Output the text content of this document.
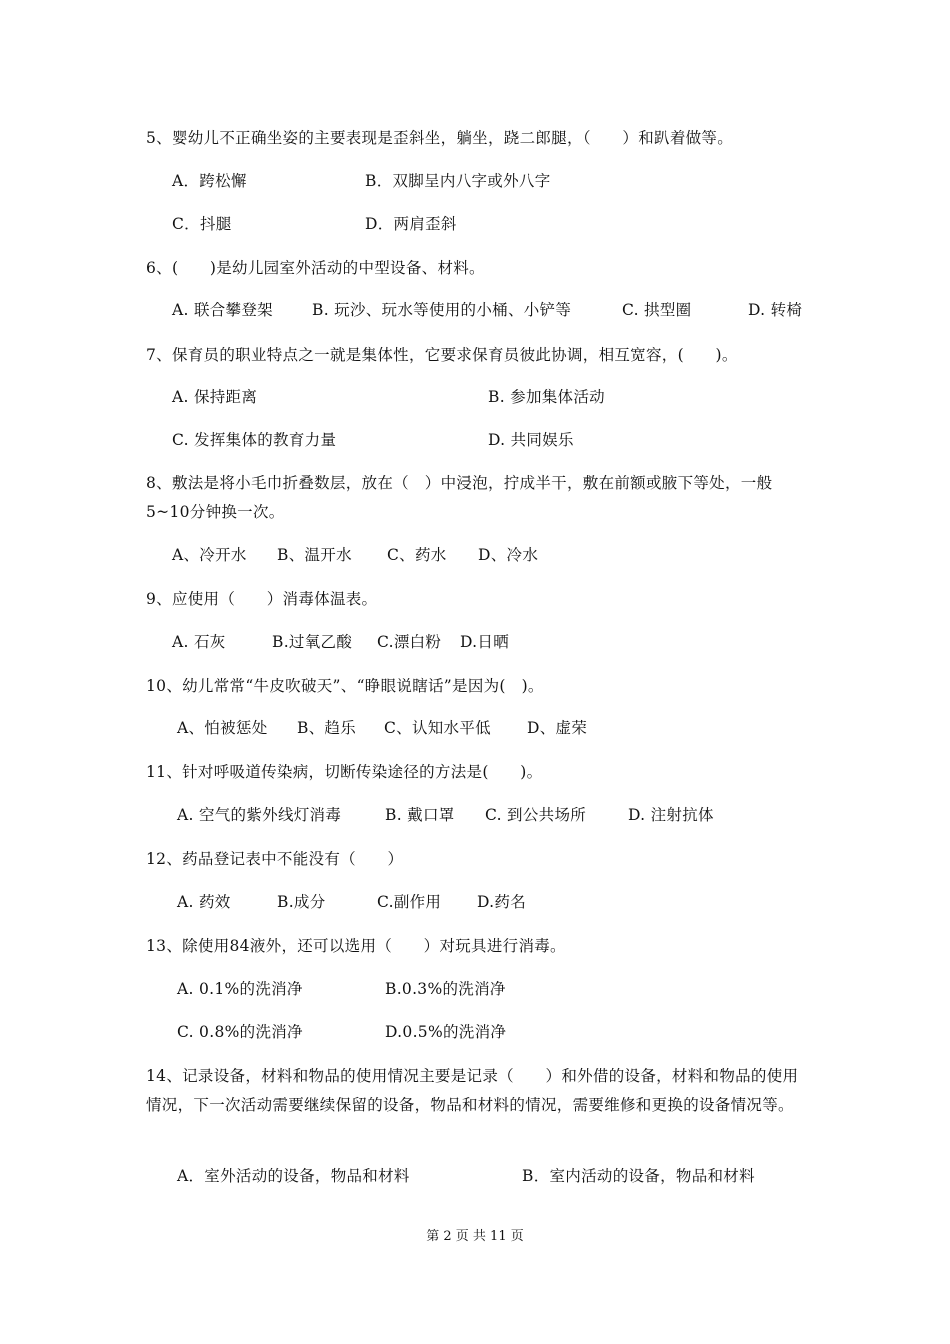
5、婴幼儿不正确坐姿的主要表现是歪斜坐，躺坐，跷二郎腿，（　　）和趴着做等。

A．跨松懈	B．双脚呈内八字或外八字
C．抖腿	D．两肩歪斜

6、(　　)是幼儿园室外活动的中型设备、材料。

A. 联合攀登架	B. 玩沙、玩水等使用的小桶、小铲等	C. 拱型圈	D. 转椅

7、保育员的职业特点之一就是集体性，它要求保育员彼此协调，相互宽容，(　　)。

A. 保持距离	B. 参加集体活动
C. 发挥集体的教育力量	D. 共同娱乐

8、敷法是将小毛巾折叠数层，放在（　）中浸泡，拧成半干，敷在前额或腋下等处，一般5~10分钟换一次。

A、冷开水 B、温开水 C、药水 D、冷水

9、应使用（　　）消毒体温表。

A. 石灰	B.过氧乙酸 C.漂白粉 D.日晒

10、幼儿常常“牛皮吹破天”、“睁眼说瞎话”是因为(　)。

A、怕被惩处 B、趋乐 C、认知水平低 D、虚荣

11、针对呼吸道传染病，切断传染途径的方法是(　　)。

A. 空气的紫外线灯消毒	B. 戴口罩 C. 到公共场所	D. 注射抗体

12、药品登记表中不能没有（　　）

A. 药效	B.成分	C.副作用 D.药名

13、除使用84液外，还可以选用（　　）对玩具进行消毒。

A. 0.1%的洗消净	B.0.3%的洗消净
C. 0.8%的洗消净	D.0.5%的洗消净

14、记录设备，材料和物品的使用情况主要是记录（　　）和外借的设备，材料和物品的使用情况，下一次活动需要继续保留的设备，物品和材料的情况，需要维修和更换的设备情况等。

A．室外活动的设备，物品和材料	B．室内活动的设备，物品和材料
第 2 页 共 11 页
